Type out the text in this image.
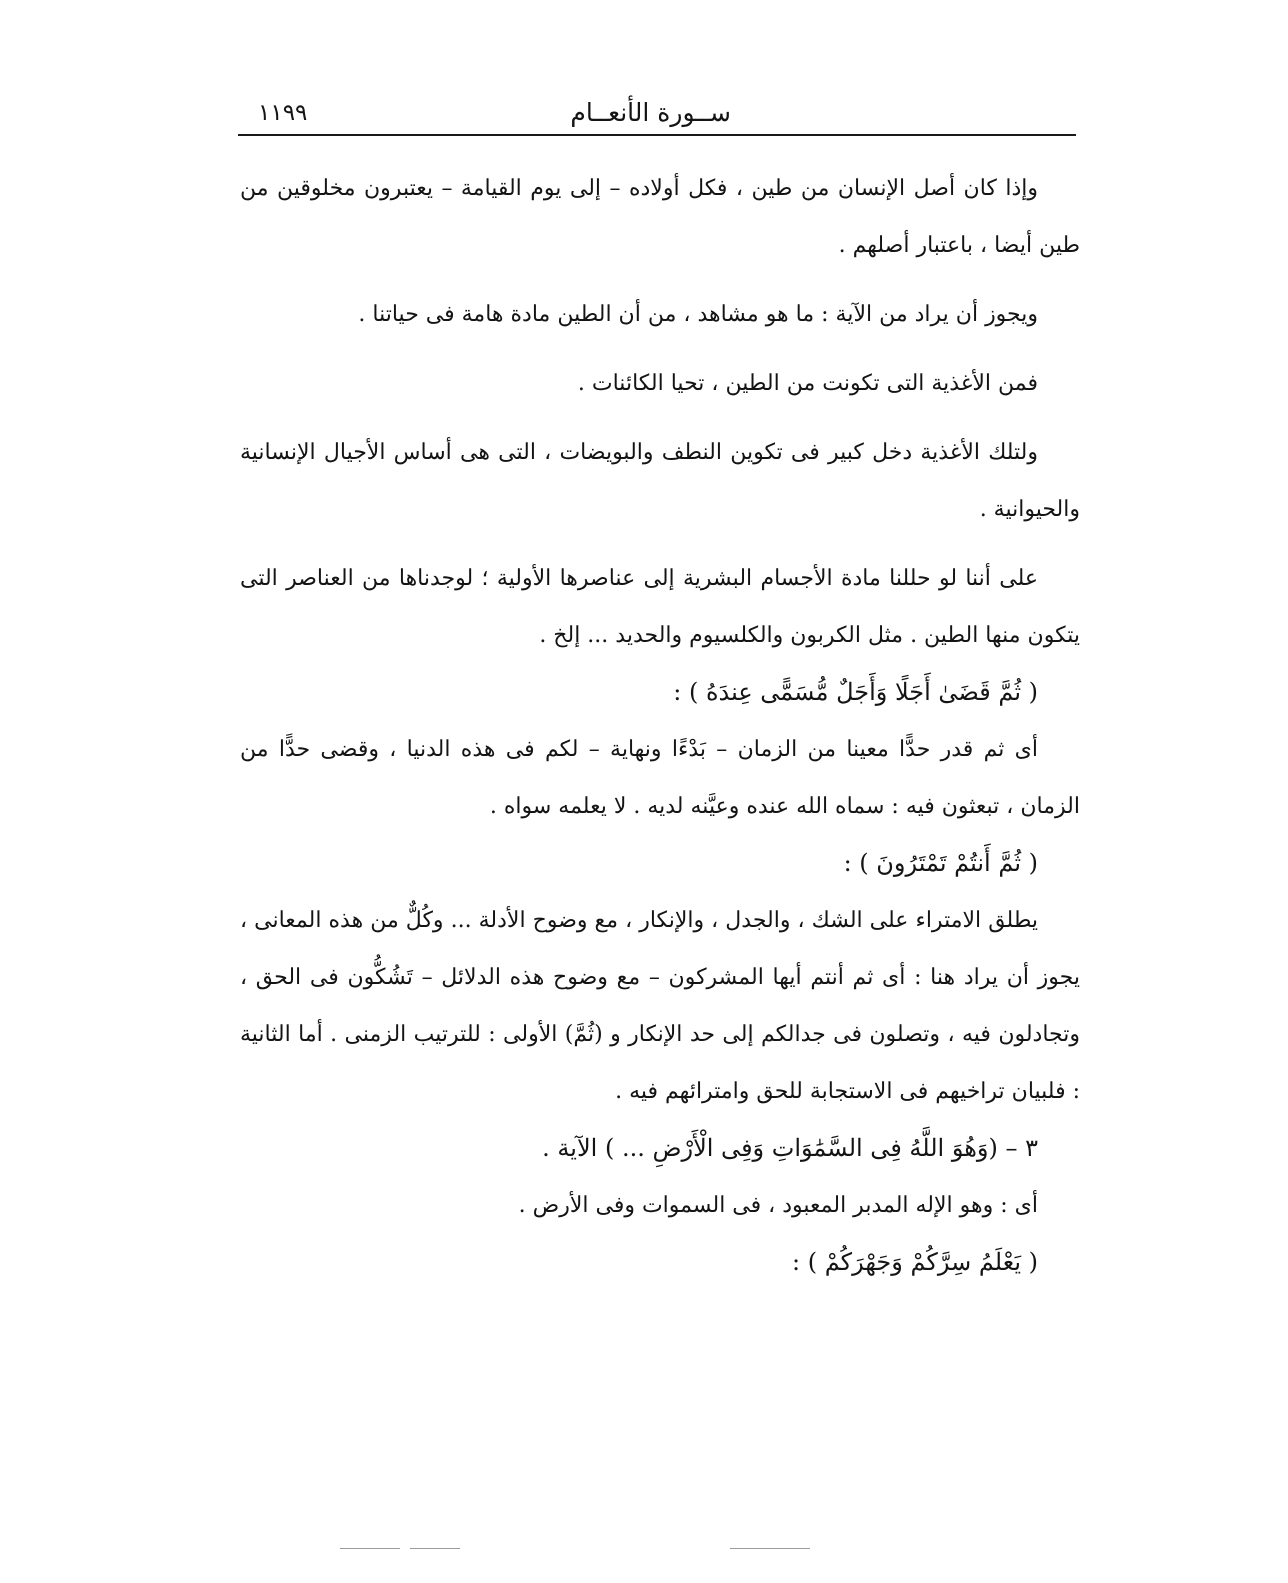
ســورة الأنعــام
١١٩٩

وإذا كان أصل الإنسان من طين ، فكل أولاده – إلى يوم القيامة – يعتبرون مخلوقين من طين أيضا ، باعتبار أصلهم .

ويجوز أن يراد من الآية : ما هو مشاهد ، من أن الطين مادة هامة فى حياتنا .

فمن الأغذية التى تكونت من الطين ، تحيا الكائنات .

ولتلك الأغذية دخل كبير فى تكوين النطف والبويضات ، التى هى أساس الأجيال الإنسانية والحيوانية .

على أننا لو حللنا مادة الأجسام البشرية إلى عناصرها الأولية ؛ لوجدناها من العناصر التى يتكون منها الطين . مثل الكربون والكلسيوم والحديد ... إلخ .

( ثُمَّ قَضَىٰ أَجَلًا وَأَجَلٌ مُّسَمًّى عِندَهُ ) :

أى ثم قدر حدًّا معينا من الزمان – بَدْءًا ونهاية – لكم فى هذه الدنيا ، وقضى حدًّا من الزمان ، تبعثون فيه : سماه الله عنده وعيَّنه لديه . لا يعلمه سواه .

( ثُمَّ أَنتُمْ تَمْتَرُونَ ) :

يطلق الامتراء على الشك ، والجدل ، والإنكار ، مع وضوح الأدلة ... وكُلٌّ من هذه المعانى ، يجوز أن يراد هنا : أى ثم أنتم أيها المشركون – مع وضوح هذه الدلائل – تَشُكُّون فى الحق ، وتجادلون فيه ، وتصلون فى جدالكم إلى حد الإنكار و (ثُمَّ) الأولى : للترتيب الزمنى . أما الثانية : فلبيان تراخيهم فى الاستجابة للحق وامترائهم فيه .

٣ – (وَهُوَ اللَّهُ فِى السَّمَٰوَاتِ وَفِى الْأَرْضِ ... ) الآية .

أى : وهو الإله المدبر المعبود ، فى السموات وفى الأرض .

( يَعْلَمُ سِرَّكُمْ وَجَهْرَكُمْ ) :
